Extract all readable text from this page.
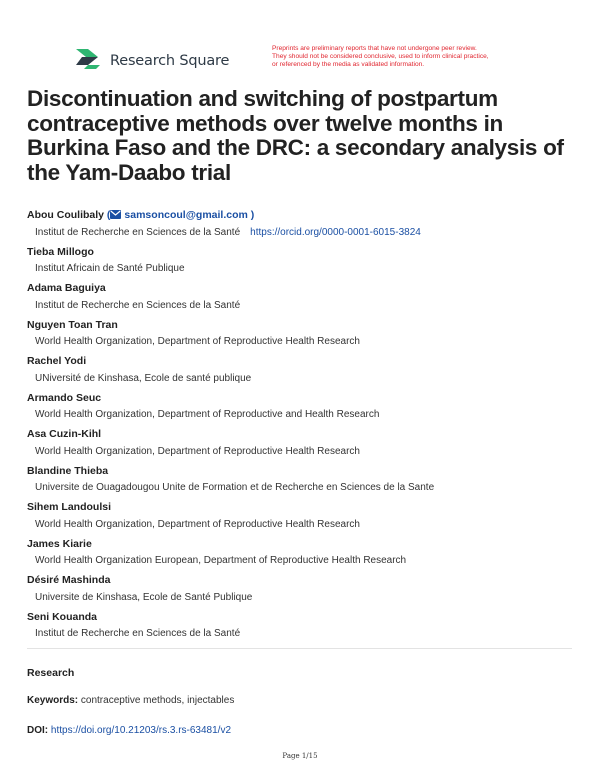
Research Square
Preprints are preliminary reports that have not undergone peer review.
They should not be considered conclusive, used to inform clinical practice,
or referenced by the media as validated information.
Discontinuation and switching of postpartum contraceptive methods over twelve months in Burkina Faso and the DRC: a secondary analysis of the Yam-Daabo trial
Abou Coulibaly ( samsoncoul@gmail.com )
Institut de Recherche en Sciences de la Santé https://orcid.org/0000-0001-6015-3824
Tieba Millogo
Institut Africain de Santé Publique
Adama Baguiya
Institut de Recherche en Sciences de la Santé
Nguyen Toan Tran
World Health Organization, Department of Reproductive Health Research
Rachel Yodi
UNiversité de Kinshasa, Ecole de santé publique
Armando Seuc
World Health Organization, Department of Reproductive and Health Research
Asa Cuzin-Kihl
World Health Organization, Department of Reproductive Health Research
Blandine Thieba
Universite de Ouagadougou Unite de Formation et de Recherche en Sciences de la Sante
Sihem Landoulsi
World Health Organization, Department of Reproductive Health Research
James Kiarie
World Health Organization European, Department of Reproductive Health Research
Désiré Mashinda
Universite de Kinshasa, Ecole de Santé Publique
Seni Kouanda
Institut de Recherche en Sciences de la Santé
Research
Keywords: contraceptive methods, injectables
DOI: https://doi.org/10.21203/rs.3.rs-63481/v2
Page 1/15
